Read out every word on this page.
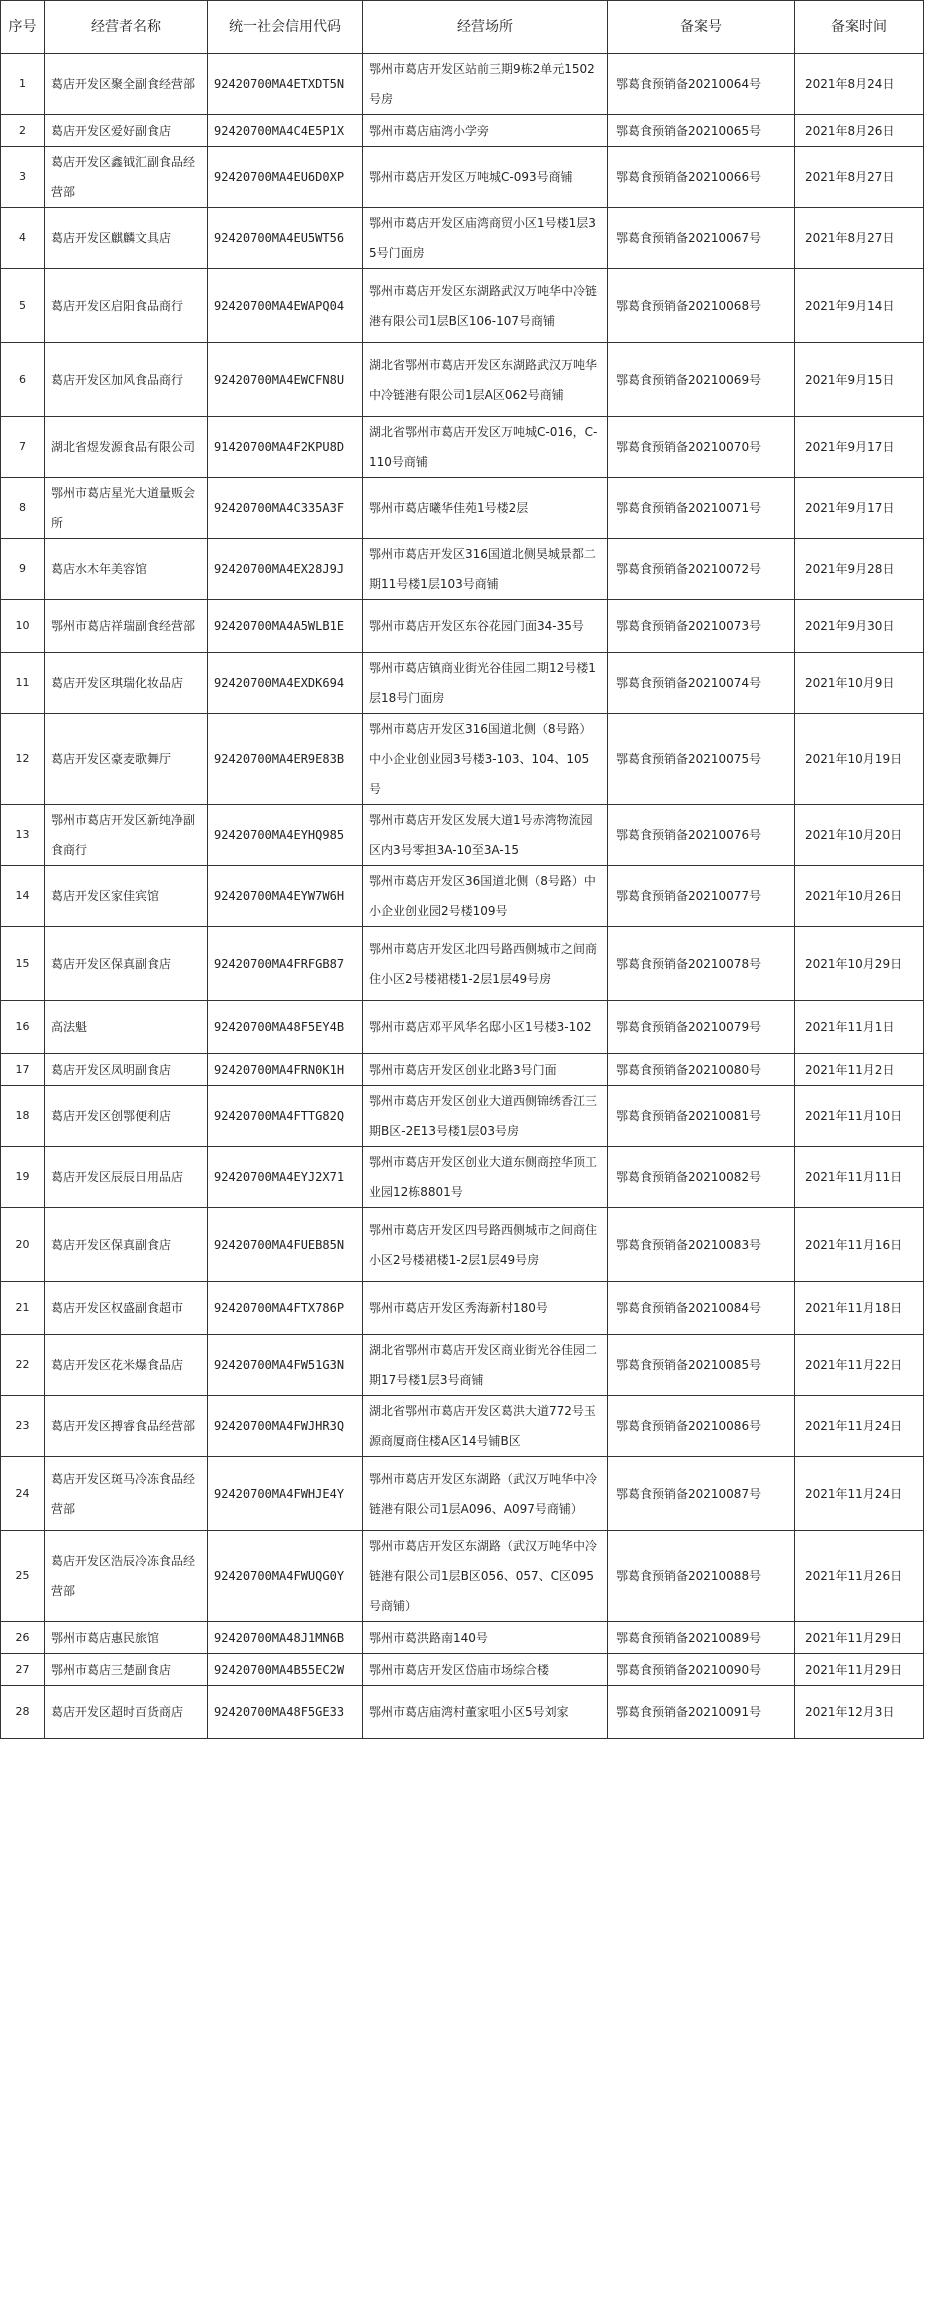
序号	经营者名称	统一社会信用代码	经营场所	备案号	备案时间
1	葛店开发区聚全副食经营部	92420700MA4ETXDT5N	鄂州市葛店开发区站前三期9栋2单元1502号房	鄂葛食预销备20210064号	2021年8月24日
2	葛店开发区爱好副食店	92420700MA4C4E5P1X	鄂州市葛店庙湾小学旁	鄂葛食预销备20210065号	2021年8月26日
3	葛店开发区鑫钺汇副食品经营部	92420700MA4EU6D0XP	鄂州市葛店开发区万吨城C-093号商铺	鄂葛食预销备20210066号	2021年8月27日
4	葛店开发区麒麟文具店	92420700MA4EU5WT56	鄂州市葛店开发区庙湾商贸小区1号楼1层35号门面房	鄂葛食预销备20210067号	2021年8月27日
5	葛店开发区启阳食品商行	92420700MA4EWAPQ04	鄂州市葛店开发区东湖路武汉万吨华中冷链港有限公司1层B区106-107号商铺	鄂葛食预销备20210068号	2021年9月14日
6	葛店开发区加风食品商行	92420700MA4EWCFN8U	湖北省鄂州市葛店开发区东湖路武汉万吨华中冷链港有限公司1层A区062号商铺	鄂葛食预销备20210069号	2021年9月15日
7	湖北省煜发源食品有限公司	91420700MA4F2KPU8D	湖北省鄂州市葛店开发区万吨城C-016，C-110号商铺	鄂葛食预销备20210070号	2021年9月17日
8	鄂州市葛店星光大道量贩会所	92420700MA4C335A3F	鄂州市葛店曦华佳苑1号楼2层	鄂葛食预销备20210071号	2021年9月17日
9	葛店水木年美容馆	92420700MA4EX28J9J	鄂州市葛店开发区316国道北侧昊城景都二期11号楼1层103号商铺	鄂葛食预销备20210072号	2021年9月28日
10	鄂州市葛店祥瑞副食经营部	92420700MA4A5WLB1E	鄂州市葛店开发区东谷花园门面34-35号	鄂葛食预销备20210073号	2021年9月30日
11	葛店开发区琪瑞化妆品店	92420700MA4EXDK694	鄂州市葛店镇商业街光谷佳园二期12号楼1层18号门面房	鄂葛食预销备20210074号	2021年10月9日
12	葛店开发区豪麦歌舞厅	92420700MA4ER9E83B	鄂州市葛店开发区316国道北侧（8号路）中小企业创业园3号楼3-103、104、105号	鄂葛食预销备20210075号	2021年10月19日
13	鄂州市葛店开发区新纯净副食商行	92420700MA4EYHQ985	鄂州市葛店开发区发展大道1号赤湾物流园区内3号零担3A-10至3A-15	鄂葛食预销备20210076号	2021年10月20日
14	葛店开发区家佳宾馆	92420700MA4EYW7W6H	鄂州市葛店开发区36国道北侧（8号路）中小企业创业园2号楼109号	鄂葛食预销备20210077号	2021年10月26日
15	葛店开发区保真副食店	92420700MA4FRFGB87	鄂州市葛店开发区北四号路西侧城市之间商住小区2号楼裙楼1-2层1层49号房	鄂葛食预销备20210078号	2021年10月29日
16	高法魁	92420700MA48F5EY4B	鄂州市葛店邓平风华名邸小区1号楼3-102	鄂葛食预销备20210079号	2021年11月1日
17	葛店开发区凤明副食店	92420700MA4FRN0K1H	鄂州市葛店开发区创业北路3号门面	鄂葛食预销备20210080号	2021年11月2日
18	葛店开发区创鄂便利店	92420700MA4FTTG82Q	鄂州市葛店开发区创业大道西侧锦绣香江三期B区-2E13号楼1层03号房	鄂葛食预销备20210081号	2021年11月10日
19	葛店开发区辰辰日用品店	92420700MA4EYJ2X71	鄂州市葛店开发区创业大道东侧商控华顶工业园12栋8801号	鄂葛食预销备20210082号	2021年11月11日
20	葛店开发区保真副食店	92420700MA4FUEB85N	鄂州市葛店开发区四号路西侧城市之间商住小区2号楼裙楼1-2层1层49号房	鄂葛食预销备20210083号	2021年11月16日
21	葛店开发区权盛副食超市	92420700MA4FTX786P	鄂州市葛店开发区秀海新村180号	鄂葛食预销备20210084号	2021年11月18日
22	葛店开发区花米爆食品店	92420700MA4FW51G3N	湖北省鄂州市葛店开发区商业街光谷佳园二期17号楼1层3号商铺	鄂葛食预销备20210085号	2021年11月22日
23	葛店开发区搏睿食品经营部	92420700MA4FWJHR3Q	湖北省鄂州市葛店开发区葛洪大道772号玉源商厦商住楼A区14号铺B区	鄂葛食预销备20210086号	2021年11月24日
24	葛店开发区斑马冷冻食品经营部	92420700MA4FWHJE4Y	鄂州市葛店开发区东湖路（武汉万吨华中冷链港有限公司1层A096、A097号商铺）	鄂葛食预销备20210087号	2021年11月24日
25	葛店开发区浩辰冷冻食品经营部	92420700MA4FWUQG0Y	鄂州市葛店开发区东湖路（武汉万吨华中冷链港有限公司1层B区056、057、C区095号商铺）	鄂葛食预销备20210088号	2021年11月26日
26	鄂州市葛店惠民旅馆	92420700MA48J1MN6B	鄂州市葛洪路南140号	鄂葛食预销备20210089号	2021年11月29日
27	鄂州市葛店三楚副食店	92420700MA4B55EC2W	鄂州市葛店开发区岱庙市场综合楼	鄂葛食预销备20210090号	2021年11月29日
28	葛店开发区超时百货商店	92420700MA48F5GE33	鄂州市葛店庙湾村董家咀小区5号刘家	鄂葛食预销备20210091号	2021年12月3日
